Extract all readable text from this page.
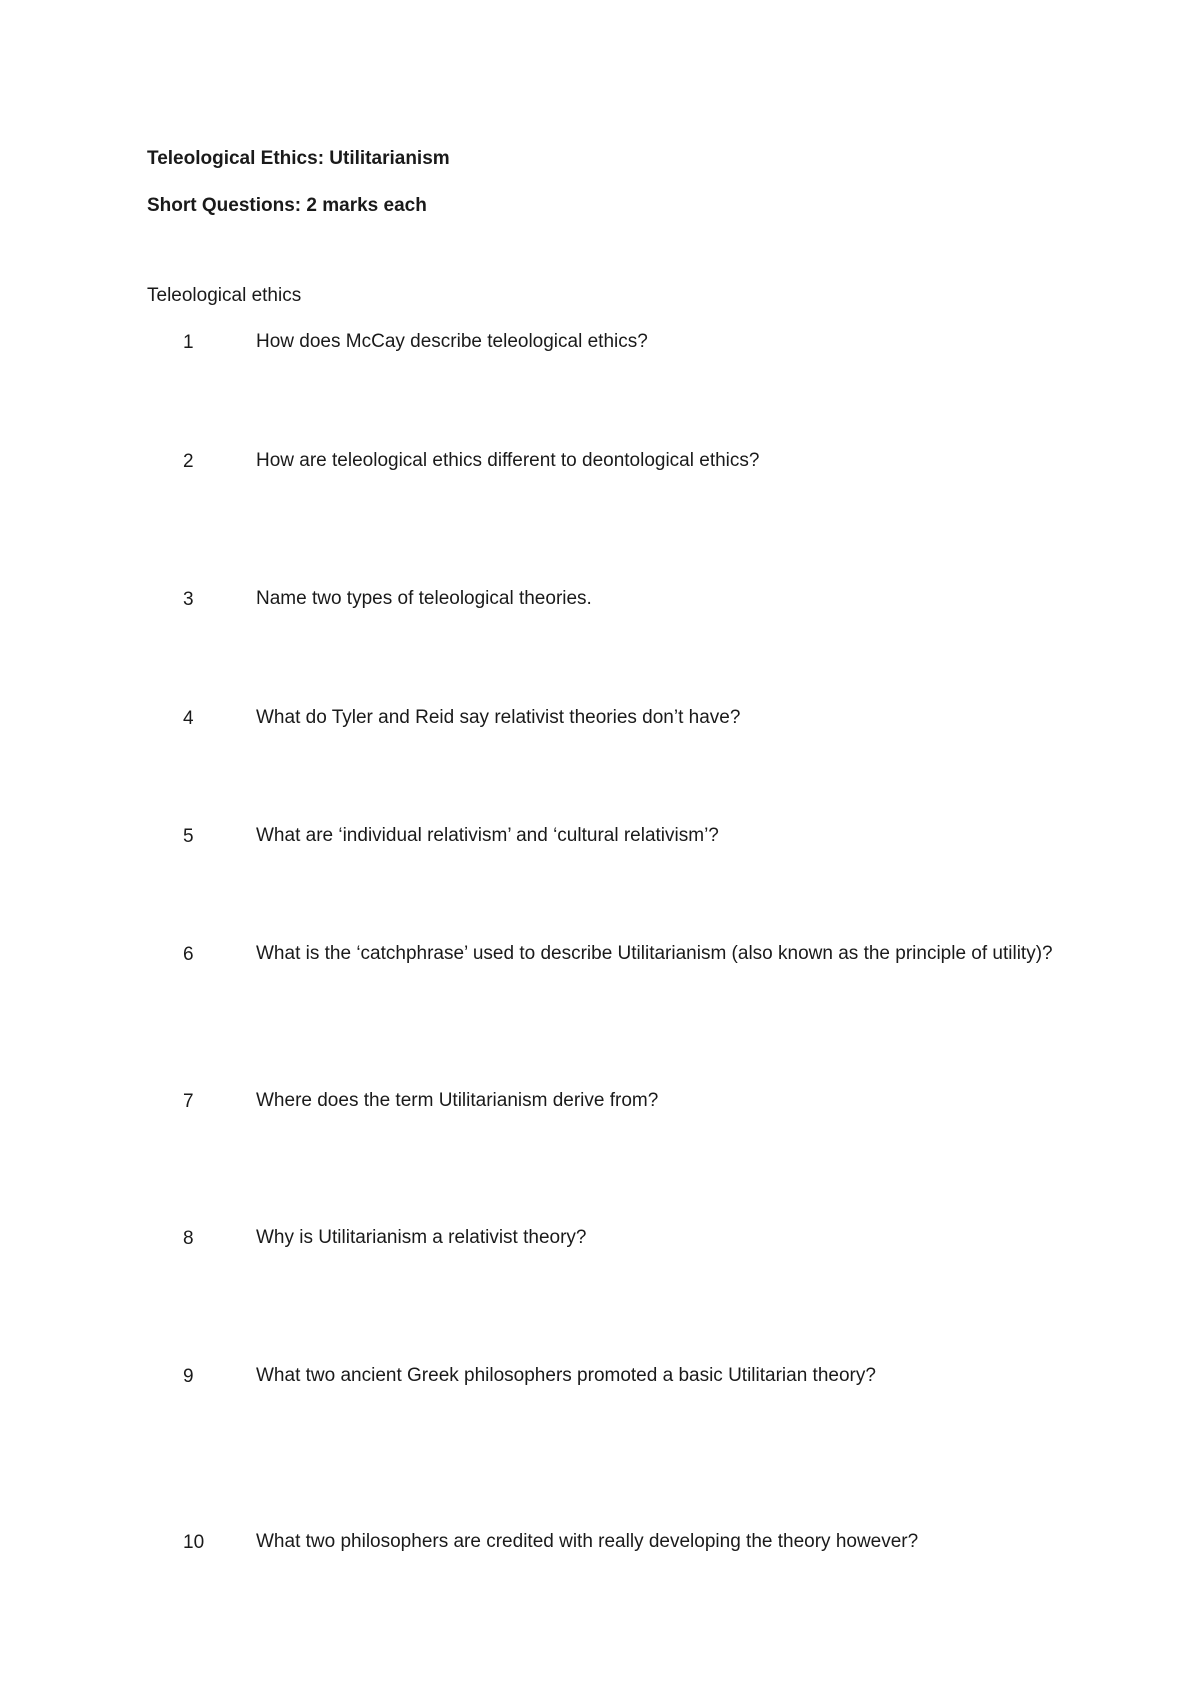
Teleological Ethics: Utilitarianism
Short Questions: 2 marks each
Teleological ethics
1	How does McCay describe teleological ethics?
2	How are teleological ethics different to deontological ethics?
3	Name two types of teleological theories.
4	What do Tyler and Reid say relativist theories don’t have?
5	What are ‘individual relativism’ and ‘cultural relativism’?
6	What is the ‘catchphrase’ used to describe Utilitarianism (also known as the principle of utility)?
7	Where does the term Utilitarianism derive from?
8	Why is Utilitarianism a relativist theory?
9	What two ancient Greek philosophers promoted a basic Utilitarian theory?
10	What two philosophers are credited with really developing the theory however?
